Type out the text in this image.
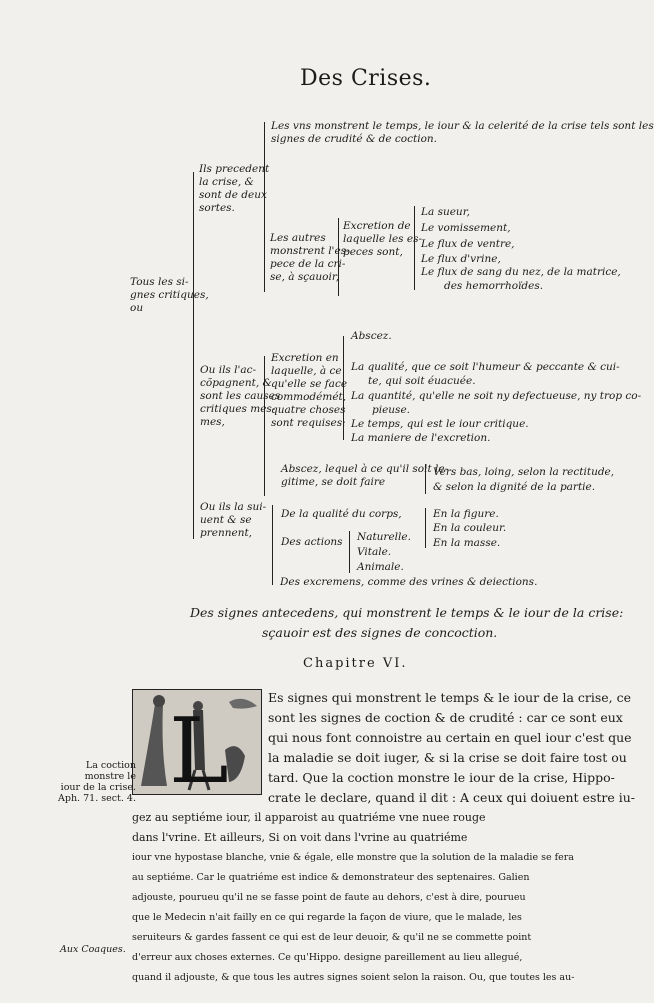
Des Crises.
Tous les si-
gnes critiques,
ou
Ils precedent
la crise, &
sont de deux
sortes.
Les vns monstrent le temps, le iour & la celerité de la crise tels sont les
signes de crudité & de coction.
Les autres
monstrent l'es-
pece de la cri-
se, à sçauoir,
Excretion de
laquelle les es-
peces sont,
La sueur,
Le vomissement,
Le flux de ventre,
Le flux d'vrine,
Le flux de sang du nez, de la matrice,
des hemorrhoïdes.
Ou ils l'ac-
cõpagnent, &
sont les causes
critiques mes-
mes,
Excretion en
laquelle, à ce
qu'elle se face
commodémét,
quatre choses
sont requises:
Abscez.
La qualité, que ce soit l'humeur & peccante & cui-
te, qui soit éuacuée.
La quantité, qu'elle ne soit ny defectueuse, ny trop co-
pieuse.
Le temps, qui est le iour critique.
La maniere de l'excretion.
Abscez, lequel à ce qu'il soit le-
gitime, se doit faire
Vers bas, loing, selon la rectitude,
& selon la dignité de la partie.
Ou ils la sui-
uent & se
prennent,
De la qualité du corps,	En la figure.
En la couleur.
En la masse.
Des actions Naturelle.
Vitale.
Animale.
Des excremens, comme des vrines & deiections.
Des signes antecedens, qui monstrent le temps & le iour de la crise:
sçauoir est des signes de concoction.
Chapitre VI.
L
Es signes qui monstrent le temps & le iour de la crise, ce
sont les signes de coction & de crudité : car ce sont eux
qui nous font connoistre au certain en quel iour c'est que
la maladie se doit iuger, & si la crise se doit faire tost ou
tard. Que la coction monstre le iour de la crise, Hippo-
crate le declare, quand il dit : A ceux qui doiuent estre iu-
gez au septiéme iour, il apparoist au quatriéme vne nuee rouge
dans l'vrine. Et ailleurs, Si on voit dans l'vrine au quatriéme
iour vne hypostase blanche, vnie & égale, elle monstre que la solution de la maladie se fera
au septiéme. Car le quatriéme est indice & demonstrateur des septenaires. Galien
adjouste, pourueu qu'il ne se fasse point de faute au dehors, c'est à dire, pourueu
que le Medecin n'ait failly en ce qui regarde la façon de viure, que le malade, les
seruiteurs & gardes fassent ce qui est de leur deuoir, & qu'il ne se commette point
d'erreur aux choses externes. Ce qu'Hippo. designe pareillement au lieu allegué,
quand il adjouste, & que tous les autres signes soient selon la raison. Ou, que toutes les au-
La coction
monstre le
iour de la crise.
Aph. 71. sect. 4.
Aux Coaques.
